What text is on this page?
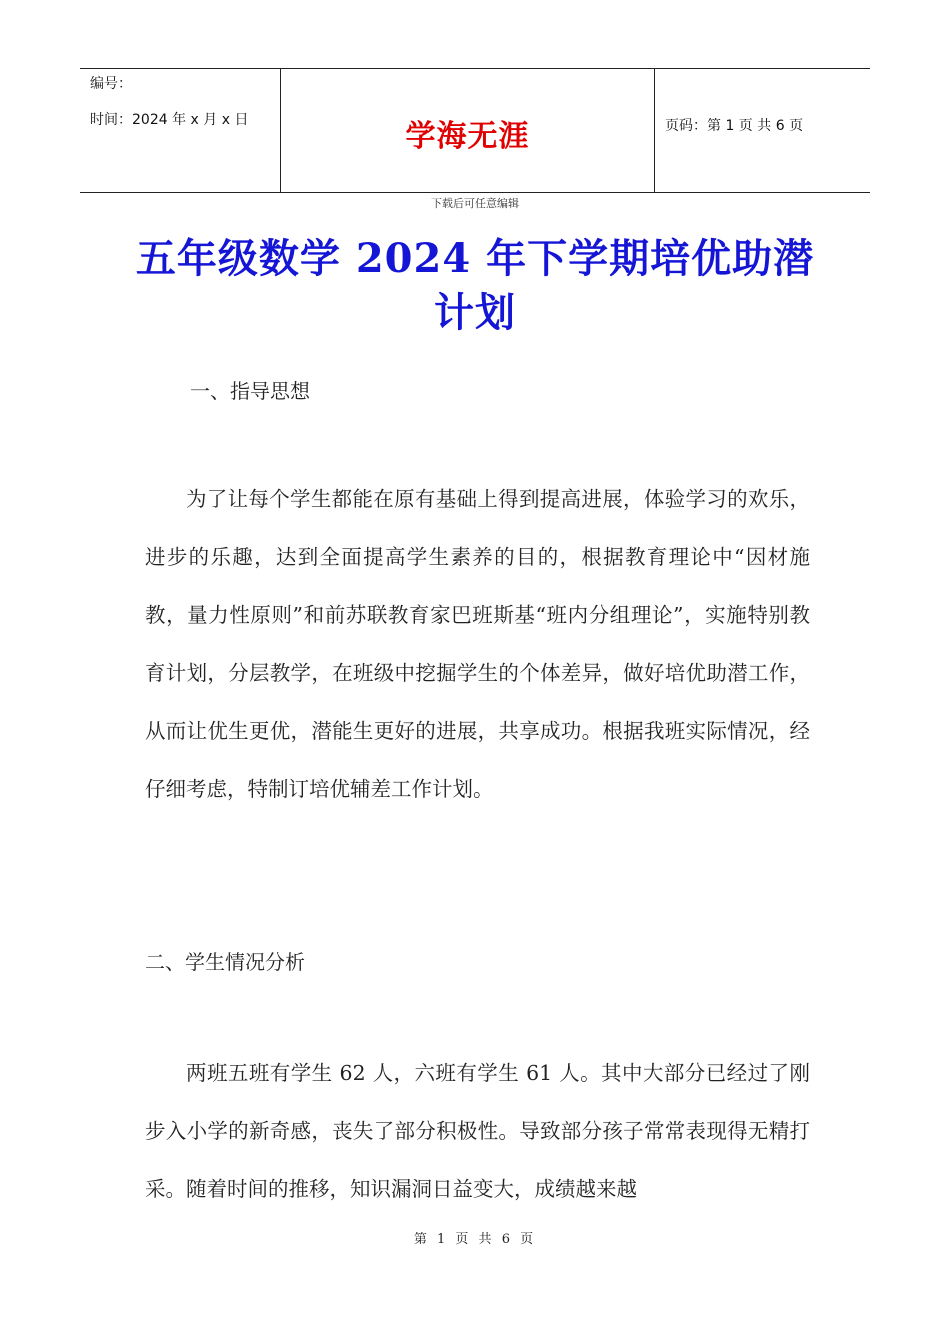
编号：
时间：2024 年 x 月 x 日	学海无涯	页码：第 1 页 共 6 页
下载后可任意编辑
五年级数学 2024 年下学期培优助潜计划
一、指导思想

为了让每个学生都能在原有基础上得到提高进展，体验学习的欢乐，进步的乐趣，达到全面提高学生素养的目的，根据教育理论中“因材施教，量力性原则”和前苏联教育家巴班斯基“班内分组理论”，实施特别教育计划，分层教学，在班级中挖掘学生的个体差异，做好培优助潜工作，从而让优生更优，潜能生更好的进展，共享成功。根据我班实际情况，经仔细考虑，特制订培优辅差工作计划。

二、学生情况分析

两班五班有学生 62 人，六班有学生 61 人。其中大部分已经过了刚步入小学的新奇感，丧失了部分积极性。导致部分孩子常常表现得无精打采。随着时间的推移，知识漏洞日益变大，成绩越来越

第 1 页 共 6 页
